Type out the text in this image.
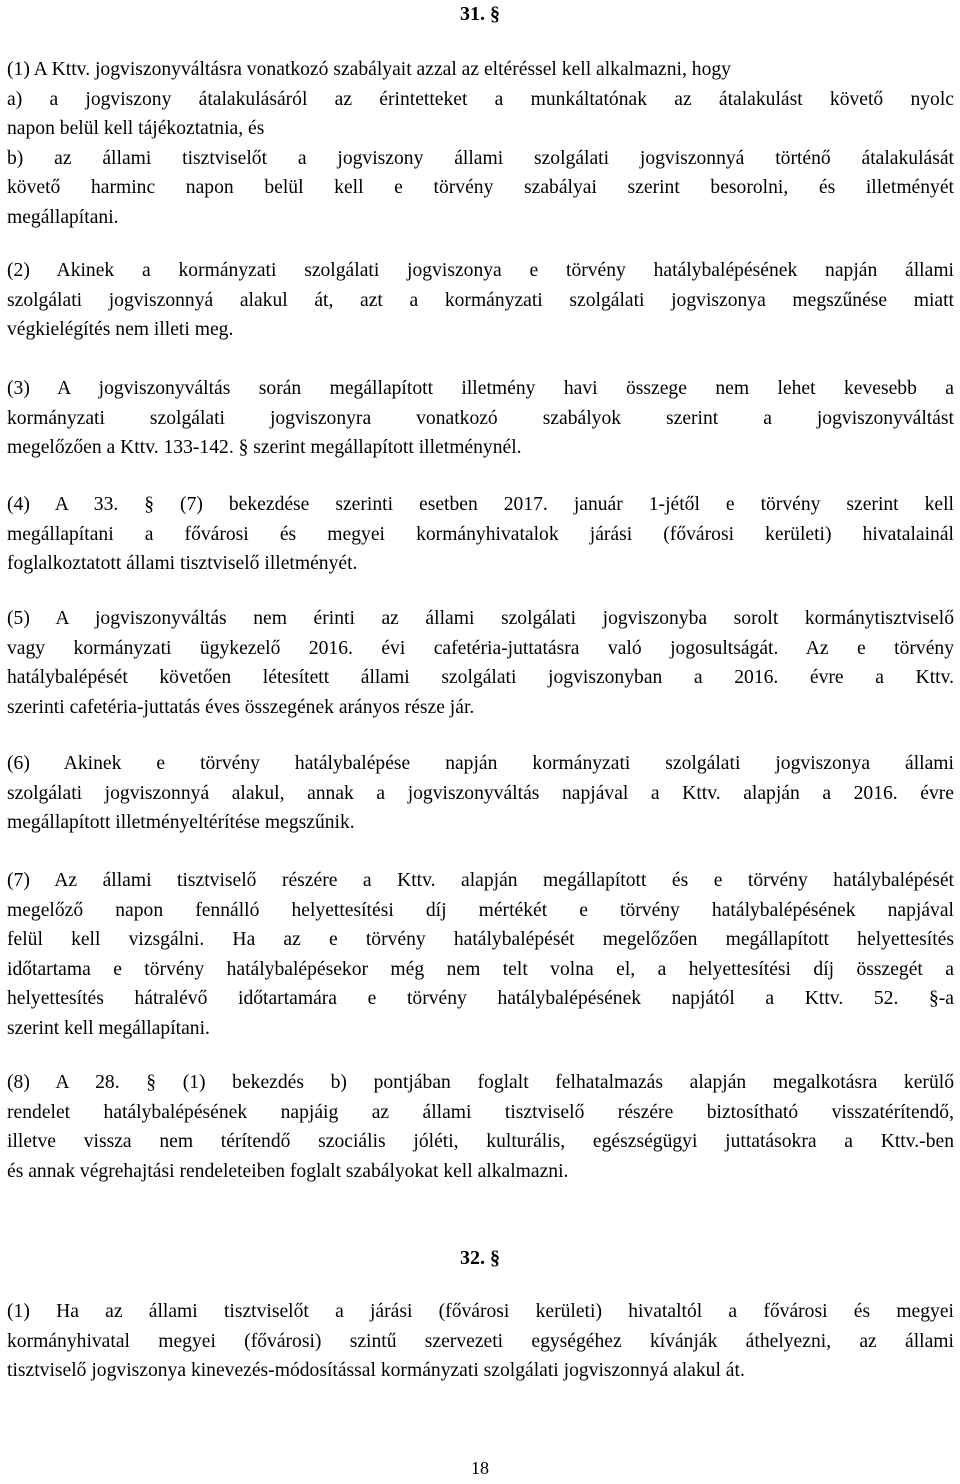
31. §
(1) A Kttv. jogviszonyváltásra vonatkozó szabályait azzal az eltéréssel kell alkalmazni, hogy
a) a jogviszony átalakulásáról az érintetteket a munkáltatónak az átalakulást követő nyolc
napon belül kell tájékoztatnia, és
b) az állami tisztviselőt a jogviszony állami szolgálati jogviszonnyá történő átalakulását
követő harminc napon belül kell e törvény szabályai szerint besorolni, és illetményét
megállapítani.
(2) Akinek a kormányzati szolgálati jogviszonya e törvény hatálybalépésének napján állami
szolgálati jogviszonnyá alakul át, azt a kormányzati szolgálati jogviszonya megszűnése miatt
végkielégítés nem illeti meg.
(3) A jogviszonyváltás során megállapított illetmény havi összege nem lehet kevesebb a
kormányzati szolgálati jogviszonyra vonatkozó szabályok szerint a jogviszonyváltást
megelőzően a Kttv. 133-142. § szerint megállapított illetménynél.
(4) A 33. § (7) bekezdése szerinti esetben 2017. január 1-jétől e törvény szerint kell
megállapítani a fővárosi és megyei kormányhivatalok járási (fővárosi kerületi) hivatalainál
foglalkoztatott állami tisztviselő illetményét.
(5) A jogviszonyváltás nem érinti az állami szolgálati jogviszonyba sorolt kormánytisztviselő
vagy kormányzati ügykezelő 2016. évi cafetéria-juttatásra való jogosultságát. Az e törvény
hatálybalépését követően létesített állami szolgálati jogviszonyban a 2016. évre a Kttv.
szerinti cafetéria-juttatás éves összegének arányos része jár.
(6) Akinek e törvény hatálybalépése napján kormányzati szolgálati jogviszonya állami
szolgálati jogviszonnyá alakul, annak a jogviszonyváltás napjával a Kttv. alapján a 2016. évre
megállapított illetményeltérítése megszűnik.
(7) Az állami tisztviselő részére a Kttv. alapján megállapított és e törvény hatálybalépését
megelőző napon fennálló helyettesítési díj mértékét e törvény hatálybalépésének napjával
felül kell vizsgálni. Ha az e törvény hatálybalépését megelőzően megállapított helyettesítés
időtartama e törvény hatálybalépésekor még nem telt volna el, a helyettesítési díj összegét a
helyettesítés hátralévő időtartamára e törvény hatálybalépésének napjától a Kttv. 52. §-a
szerint kell megállapítani.
(8) A 28. § (1) bekezdés b) pontjában foglalt felhatalmazás alapján megalkotásra kerülő
rendelet hatálybalépésének napjáig az állami tisztviselő részére biztosítható visszatérítendő,
illetve vissza nem térítendő szociális jóléti, kulturális, egészségügyi juttatásokra a Kttv.-ben
és annak végrehajtási rendeleteiben foglalt szabályokat kell alkalmazni.
32. §
(1) Ha az állami tisztviselőt a járási (fővárosi kerületi) hivataltól a fővárosi és megyei
kormányhivatal megyei (fővárosi) szintű szervezeti egységéhez kívánják áthelyezni, az állami
tisztviselő jogviszonya kinevezés-módosítással kormányzati szolgálati jogviszonnyá alakul át.
18
